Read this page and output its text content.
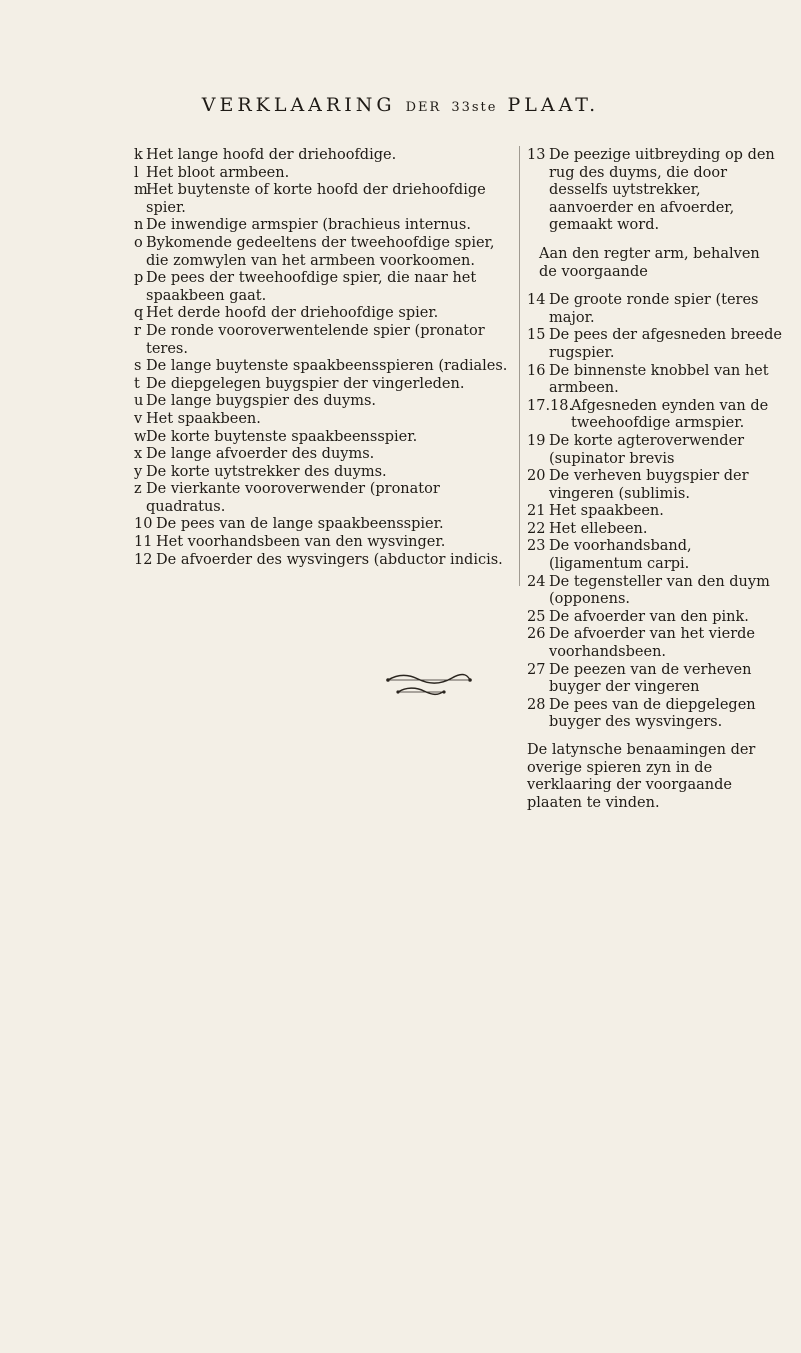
VERKLAARING DER 33ste PLAAT.
k Het lange hoofd der driehoofdige.
l Het bloot armbeen.
m
Het buytenste of korte hoofd der driehoofdige spier.
n De inwendige armspier (brachieus internus.
o Bykomende gedeeltens der tweehoofdige spier, die zomwylen van het armbeen voorkoomen.
p De pees der tweehoofdige spier, die naar het spaakbeen gaat.
q Het derde hoofd der driehoofdige spier.
r De ronde vooroverwentelende spier (pronator teres.
s De lange buytenste spaakbeensspieren (radiales.
t De diepgelegen buygspier der vingerleden.
u De lange buygspier des duyms.
v Het spaakbeen.
w De korte buytenste spaakbeensspier.
x De lange afvoerder des duyms.
y De korte uytstrekker des duyms.
z De vierkante vooroverwender (pronator quadratus.
10 De pees van de lange spaakbeensspier.
11 Het voorhandsbeen van den wysvinger.
12 De afvoerder des wysvingers (abductor indicis.
13 De peezige uitbreyding op den rug des duyms, die door desselfs uytstrekker, aanvoerder en afvoerder, gemaakt word.
Aan den regter arm, behalven de voorgaande
14 De groote ronde spier (teres major.
15 De pees der afgesneden breede rugspier.
16 De binnenste knobbel van het armbeen.
17.18.
Afgesneden eynden van de tweehoofdige armspier.
19 De korte agteroverwender (supinator brevis
20 De verheven buygspier der vingeren (sublimis.
21 Het spaakbeen.
22 Het ellebeen.
23 De voorhandsband, (ligamentum carpi.
24 De tegensteller van den duym (opponens.
25 De afvoerder van den pink.
26 De afvoerder van het vierde voorhandsbeen.
27 De peezen van de verheven buyger der vingeren
28 De pees van de diepgelegen buyger des wysvingers.
De latynsche benaamingen der overige spieren zyn in de verklaaring der voorgaande plaaten te vinden.
